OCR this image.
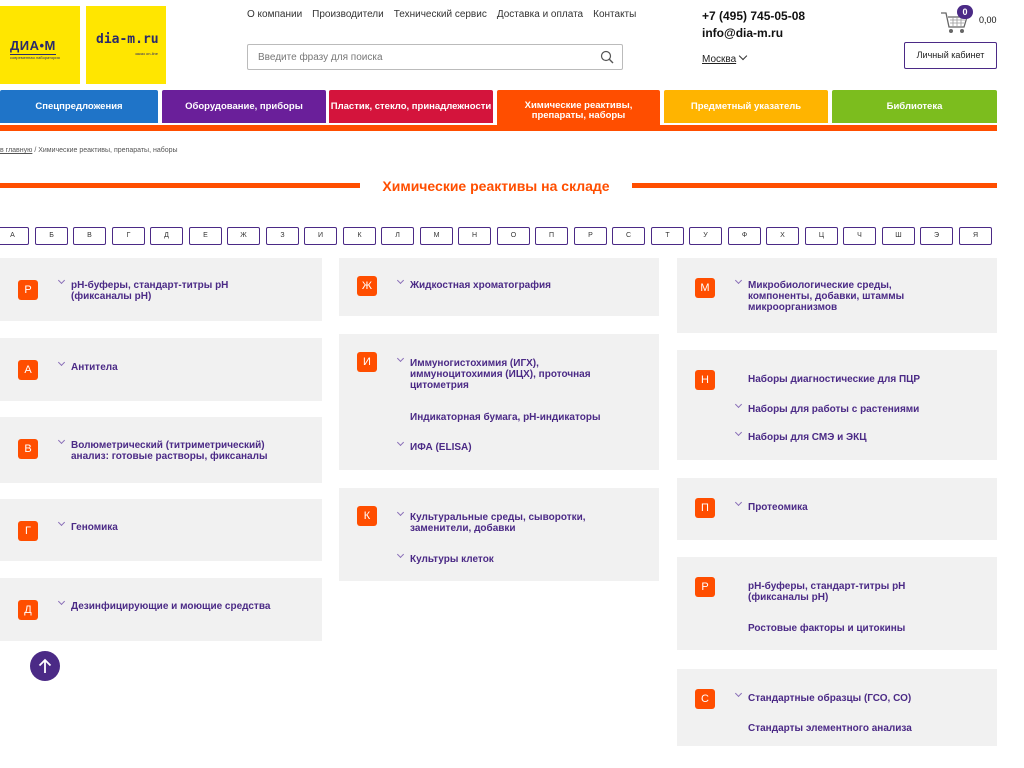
ДИА•М
современная лаборатория
dia-m.ru
заказ on-line
О компании Производители Технический сервис Доставка и оплата Контакты
Введите фразу для поиска	+7 (495) 745-05-08
info@dia-m.ru
Москва
0
0,00
Личный кабинет
Спецпредложения	Оборудование, приборы	Пластик, стекло, принадлежности	Химические реактивы, препараты, наборы
Предметный указатель	Библиотека
в главную / Химические реактивы, препараты, наборы
Химические реактивы на складе
А	Б	В	Г	Д	Е	Ж	З	И	К	Л	М	Н	О	П	Р	С	Т	У	Ф	Х	Ц	Ч	Ш	Э	Я
Р	pH-буферы, стандарт-титры pH
(фиксаналы pH)
А	Антитела
В	Волюметрический (титриметрический)
анализ: готовые растворы, фиксаналы
Г	Геномика
Д	Дезинфицирующие и моющие средства
Ж	Жидкостная хроматография
И	Иммуногистохимия (ИГХ),
иммуноцитохимия (ИЦХ), проточная
цитометрия
Индикаторная бумага, pH-индикаторы
ИФА (ELISA)
К	Культуральные среды, сыворотки,
заменители, добавки
Культуры клеток
М	Микробиологические среды,
компоненты, добавки, штаммы
микроорганизмов
Н	Наборы диагностические для ПЦР
Наборы для работы с растениями
Наборы для СМЭ и ЭКЦ
П	Протеомика
Р	pH-буферы, стандарт-титры pH
(фиксаналы pH)
Ростовые факторы и цитокины
С	Стандартные образцы (ГСО, СО)
Стандарты элементного анализа
